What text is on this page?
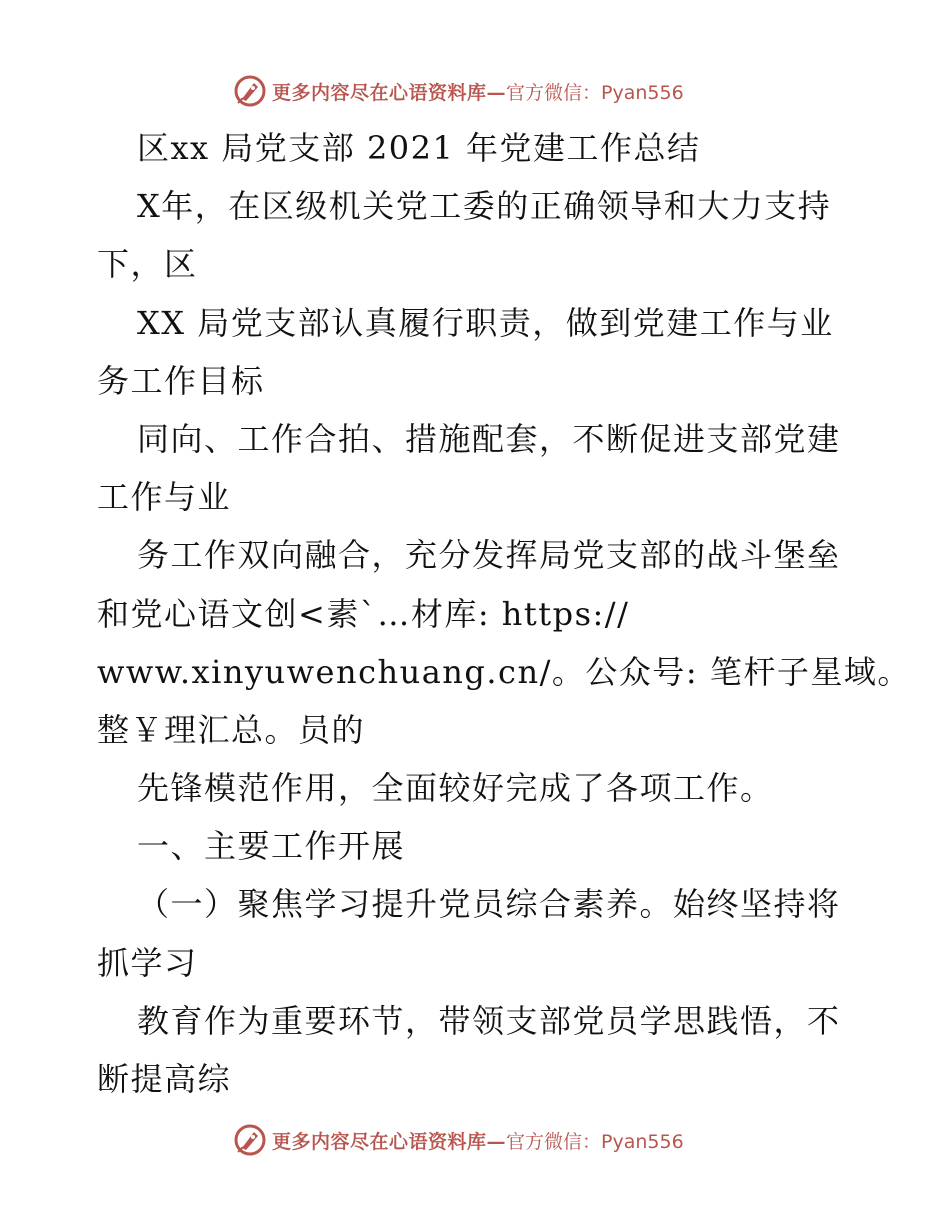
更多内容尽在心语资料库— 官方微信：Pyan556
区xx 局党支部 2021 年党建工作总结
X年，在区级机关党工委的正确领导和大力支持
下，区
XX 局党支部认真履行职责，做到党建工作与业
务工作目标
同向、工作合拍、措施配套，不断促进支部党建
工作与业
务工作双向融合，充分发挥局党支部的战斗堡垒
和党心语文创<素`…材库: https://
www.xinyuwenchuang.cn/。公众号: 笔杆子星域。
整￥理汇总。员的
先锋模范作用，全面较好完成了各项工作。
一、主要工作开展
（一）聚焦学习提升党员综合素养。始终坚持将
抓学习
教育作为重要环节，带领支部党员学思践悟，不
断提高综
更多内容尽在心语资料库— 官方微信：Pyan556
